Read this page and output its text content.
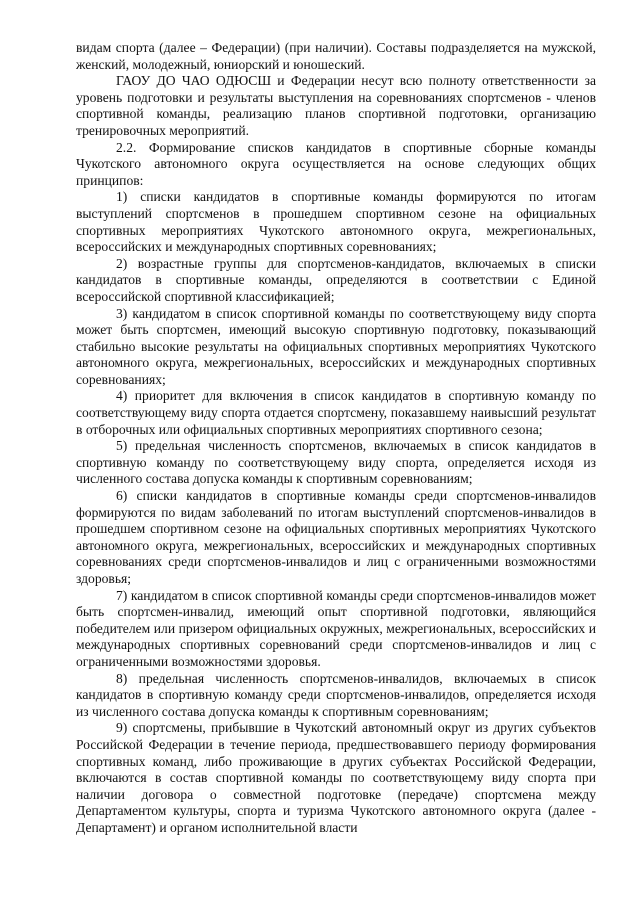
видам спорта (далее – Федерации) (при наличии). Составы подразделяется на мужской, женский, молодежный, юниорский и юношеский.

ГАОУ ДО ЧАО ОДЮСШ и Федерации несут всю полноту ответственности за уровень подготовки и результаты выступления на соревнованиях спортсменов - членов спортивной команды, реализацию планов спортивной подготовки, организацию тренировочных мероприятий.

2.2. Формирование списков кандидатов в спортивные сборные команды Чукотского автономного округа осуществляется на основе следующих общих принципов:

1) списки кандидатов в спортивные команды формируются по итогам выступлений спортсменов в прошедшем спортивном сезоне на официальных спортивных мероприятиях Чукотского автономного округа, межрегиональных, всероссийских и международных спортивных соревнованиях;

2) возрастные группы для спортсменов-кандидатов, включаемых в списки кандидатов в спортивные команды, определяются в соответствии с Единой всероссийской спортивной классификацией;

3) кандидатом в список спортивной команды по соответствующему виду спорта может быть спортсмен, имеющий высокую спортивную подготовку, показывающий стабильно высокие результаты на официальных спортивных мероприятиях Чукотского автономного округа, межрегиональных, всероссийских и международных спортивных соревнованиях;

4) приоритет для включения в список кандидатов в спортивную команду по соответствующему виду спорта отдается спортсмену, показавшему наивысший результат в отборочных или официальных спортивных мероприятиях спортивного сезона;

5) предельная численность спортсменов, включаемых в список кандидатов в спортивную команду по соответствующему виду спорта, определяется исходя из численного состава допуска команды к спортивным соревнованиям;

6) списки кандидатов в спортивные команды среди спортсменов-инвалидов формируются по видам заболеваний по итогам выступлений спортсменов-инвалидов в прошедшем спортивном сезоне на официальных спортивных мероприятиях Чукотского автономного округа, межрегиональных, всероссийских и международных спортивных соревнованиях среди спортсменов-инвалидов и лиц с ограниченными возможностями здоровья;

7) кандидатом в список спортивной команды среди спортсменов-инвалидов может быть спортсмен-инвалид, имеющий опыт спортивной подготовки, являющийся победителем или призером официальных окружных, межрегиональных, всероссийских и международных спортивных соревнований среди спортсменов-инвалидов и лиц с ограниченными возможностями здоровья.

8) предельная численность спортсменов-инвалидов, включаемых в список кандидатов в спортивную команду среди спортсменов-инвалидов, определяется исходя из численного состава допуска команды к спортивным соревнованиям;

9) спортсмены, прибывшие в Чукотский автономный округ из других субъектов Российской Федерации в течение периода, предшествовавшего периоду формирования спортивных команд, либо проживающие в других субъектах Российской Федерации, включаются в состав спортивной команды по соответствующему виду спорта при наличии договора о совместной подготовке (передаче) спортсмена между Департаментом культуры, спорта и туризма Чукотского автономного округа (далее - Департамент) и органом исполнительной власти
